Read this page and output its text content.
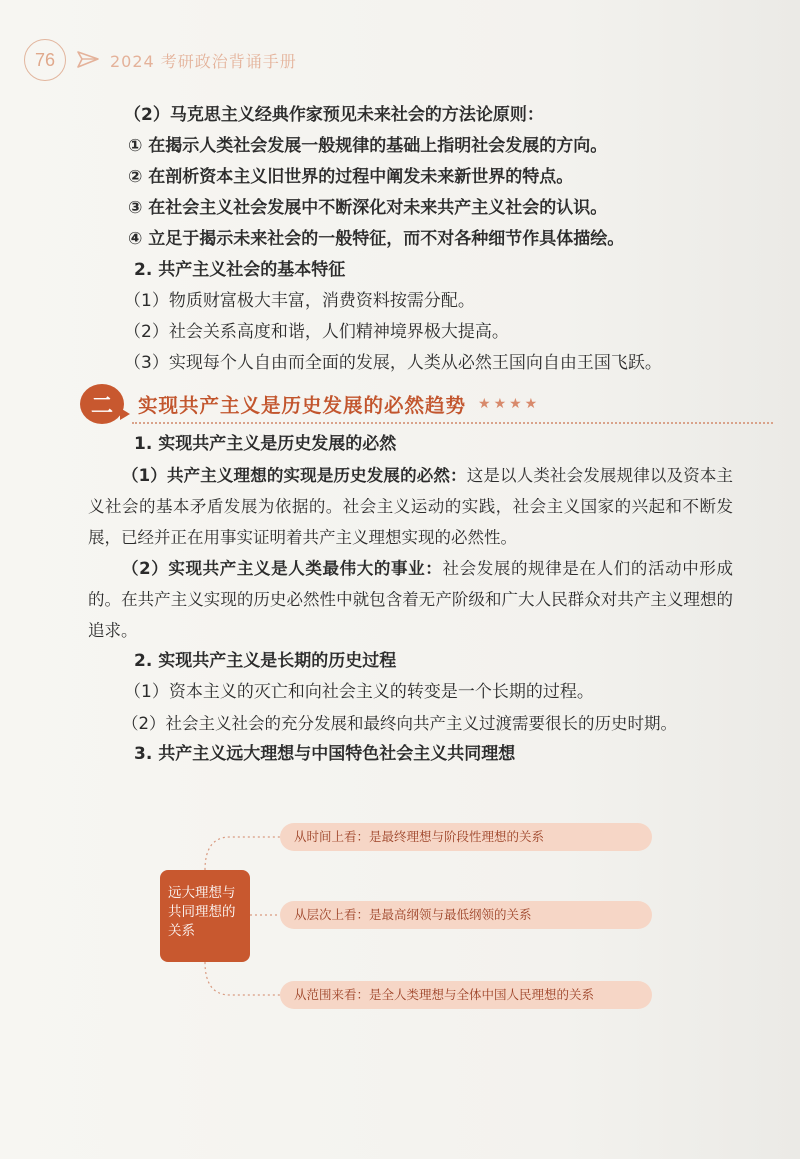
76	2024 考研政治背诵手册
（2）马克思主义经典作家预见未来社会的方法论原则：
① 在揭示人类社会发展一般规律的基础上指明社会发展的方向。
② 在剖析资本主义旧世界的过程中阐发未来新世界的特点。
③ 在社会主义社会发展中不断深化对未来共产主义社会的认识。
④ 立足于揭示未来社会的一般特征，而不对各种细节作具体描绘。
2. 共产主义社会的基本特征
（1）物质财富极大丰富，消费资料按需分配。
（2）社会关系高度和谐，人们精神境界极大提高。
（3）实现每个人自由而全面的发展，人类从必然王国向自由王国飞跃。
二	实现共产主义是历史发展的必然趋势 ★★★★
1. 实现共产主义是历史发展的必然
（1）共产主义理想的实现是历史发展的必然：这是以人类社会发展规律以及资本主义社会的基本矛盾发展为依据的。社会主义运动的实践，社会主义国家的兴起和不断发展，已经并正在用事实证明着共产主义理想实现的必然性。
（2）实现共产主义是人类最伟大的事业：社会发展的规律是在人们的活动中形成的。在共产主义实现的历史必然性中就包含着无产阶级和广大人民群众对共产主义理想的追求。
2. 实现共产主义是长期的历史过程
（1）资本主义的灭亡和向社会主义的转变是一个长期的过程。
（2）社会主义社会的充分发展和最终向共产主义过渡需要很长的历史时期。
3. 共产主义远大理想与中国特色社会主义共同理想
远大理想与共同理想的关系
从时间上看：是最终理想与阶段性理想的关系
从层次上看：是最高纲领与最低纲领的关系
从范围来看：是全人类理想与全体中国人民理想的关系
